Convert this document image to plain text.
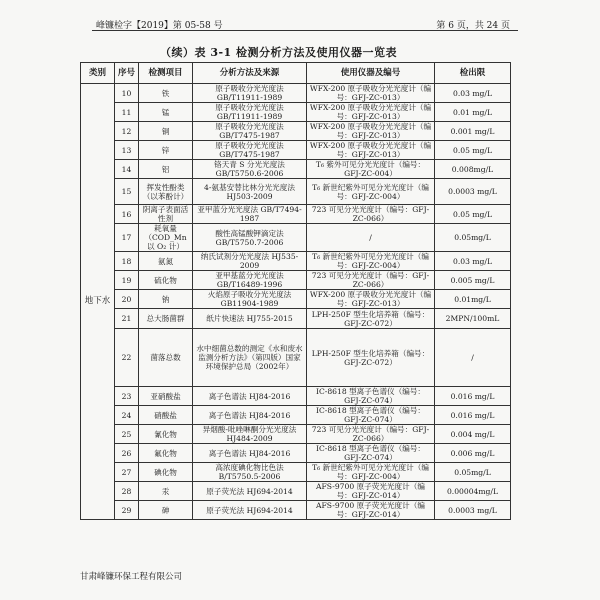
峰镰检字【2019】第 05-58 号	第 6 页，共 24 页
（续）表 3-1 检测分析方法及使用仪器一览表
类别	序号	检测项目	分析方法及来源	使用仪器及编号	检出限
地下水	10	铁	原子吸收分光光度法 GB/T11911-1989	WFX-200 原子吸收分光光度计（编号：GFJ-ZC-013）	0.03 mg/L
	11	锰	原子吸收分光光度法 GB/T11911-1989	WFX-200 原子吸收分光光度计（编号：GFJ-ZC-013）	0.01 mg/L
	12	铜	原子吸收分光光度法 GB/T7475-1987	WFX-200 原子吸收分光光度计（编号：GFJ-ZC-013）	0.001 mg/L
	13	锌	原子吸收分光光度法 GB/T7475-1987	WFX-200 原子吸收分光光度计（编号：GFJ-ZC-013）	0.05 mg/L
	14	铝	铬天青 S 分光光度法 GB/T5750.6-2006	T₆ 紫外可见分光光度计（编号：GFJ-ZC-004）	0.008mg/L
	15	挥发性酚类（以苯酚计）	4-氨基安替比林分光光度法 HJ503-2009	T₆ 新世纪紫外可见分光光度计（编号：GFJ-ZC-004）	0.0003 mg/L
	16	阴离子表面活性剂	亚甲蓝分光光度法 GB/T7494-1987	723 可见分光光度计（编号：GFJ-ZC-066）	0.05 mg/L
	17	耗氧量（COD_Mn 以 O₂ 计）	酸性高锰酸钾滴定法 GB/T5750.7-2006	/	0.05mg/L
	18	氨氮	纳氏试剂分光光度法 HJ535-2009	T₆ 新世纪紫外可见分光光度计（编号：GFJ-ZC-004）	0.03 mg/L
	19	硫化物	亚甲基蓝分光光度法 GB/T16489-1996	723 可见分光光度计（编号：GFJ-ZC-066）	0.005 mg/L
	20	钠	火焰原子吸收分光光度法 GB11904-1989	WFX-200 原子吸收分光光度计（编号：GFJ-ZC-013）	0.01mg/L
	21	总大肠菌群	纸片快速法 HJ755-2015	LPH-250F 型生化培养箱（编号：GFJ-ZC-072）	2MPN/100mL
	22	菌落总数	水中细菌总数的测定《水和废水监测分析方法》（第四版）国家环境保护总局（2002年）	LPH-250F 型生化培养箱（编号：GFJ-ZC-072）	/
	23	亚硝酸盐	离子色谱法 HJ84-2016	IC-8618 型离子色谱仪（编号：GFJ-ZC-074）	0.016 mg/L
	24	硝酸盐	离子色谱法 HJ84-2016	IC-8618 型离子色谱仪（编号：GFJ-ZC-074）	0.016 mg/L
	25	氰化物	异烟酸-吡唑啉酮分光光度法 HJ484-2009	723 可见分光光度计（编号：GFJ-ZC-066）	0.004 mg/L
	26	氟化物	离子色谱法 HJ84-2016	IC-8618 型离子色谱仪（编号：GFJ-ZC-074）	0.006 mg/L
	27	碘化物	高浓度碘化物比色法 B/T5750.5-2006	T₆ 新世纪紫外可见分光光度计（编号：GFJ-ZC-004）	0.05mg/L
	28	汞	原子荧光法 HJ694-2014	AFS-9700 原子荧光光度计（编号：GFJ-ZC-014）	0.00004mg/L
	29	砷	原子荧光法 HJ694-2014	AFS-9700 原子荧光光度计（编号：GFJ-ZC-014）	0.0003 mg/L
甘肃峰镰环保工程有限公司
